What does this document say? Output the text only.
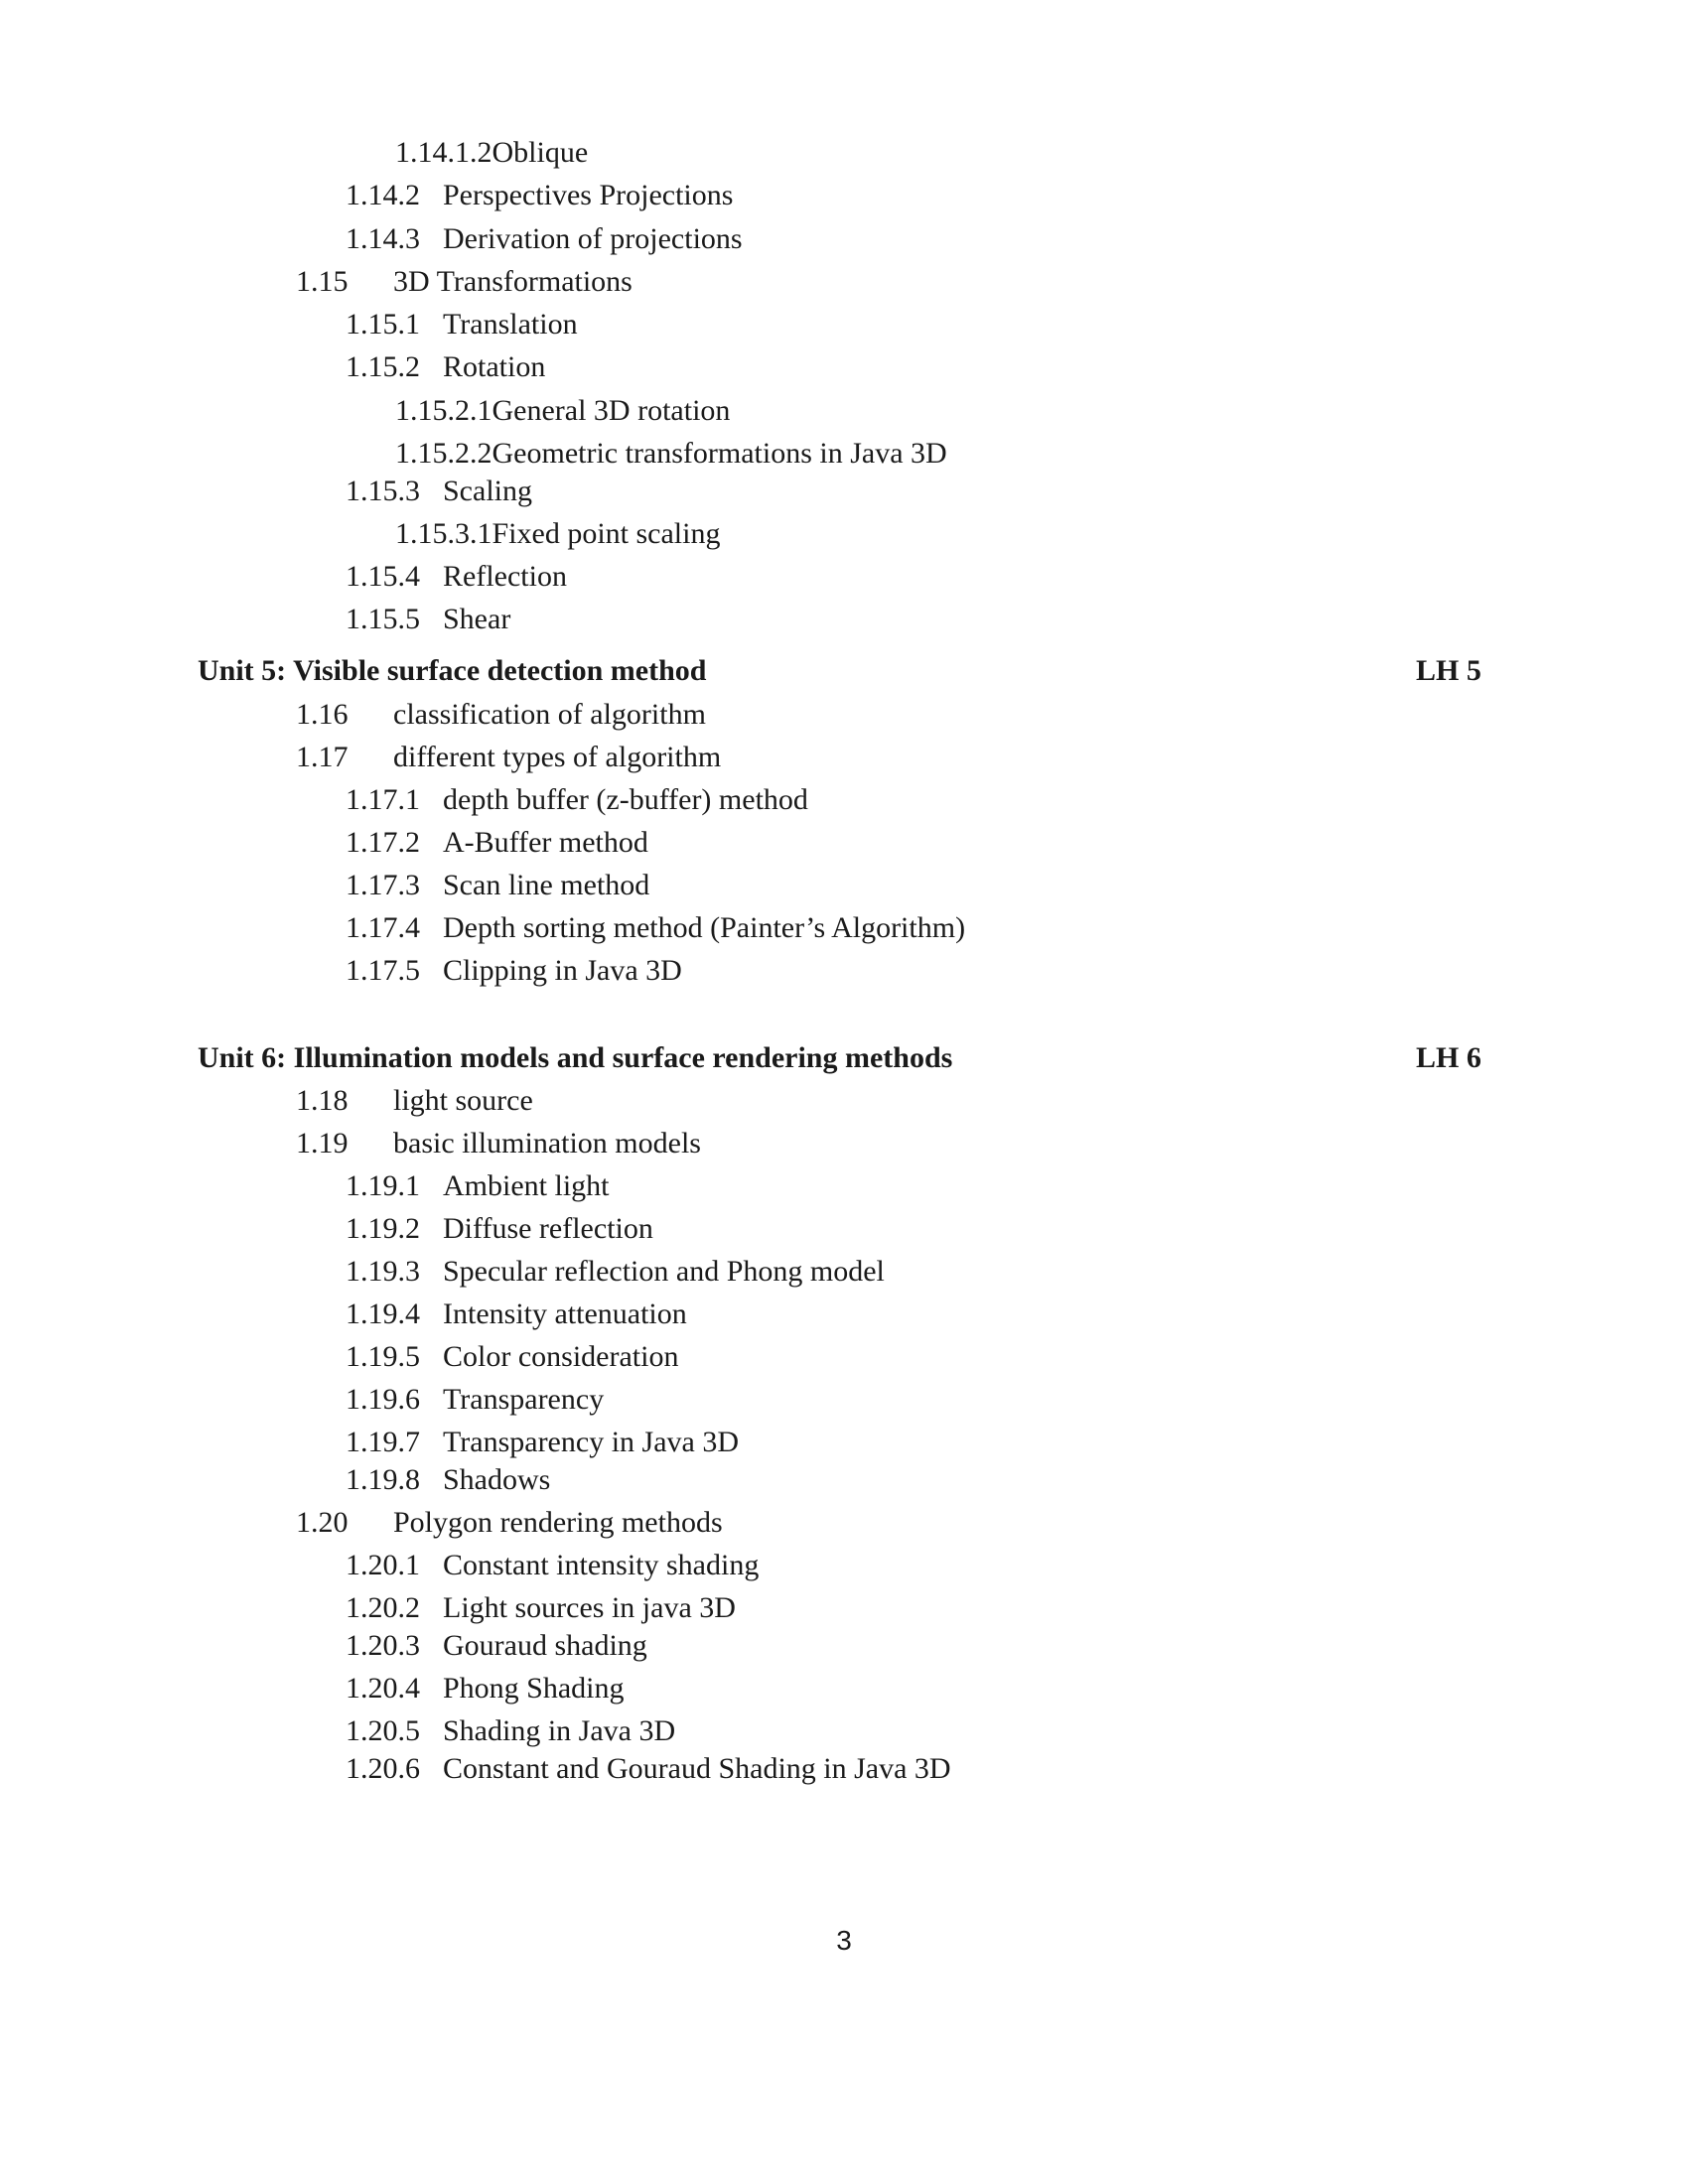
1.14.1.2Oblique
1.14.2 Perspectives Projections
1.14.3 Derivation of projections
1.15 3D Transformations
1.15.1 Translation
1.15.2 Rotation
1.15.2.1General 3D rotation
1.15.2.2Geometric transformations in Java 3D
1.15.3 Scaling
1.15.3.1Fixed point scaling
1.15.4 Reflection
1.15.5 Shear
Unit 5: Visible surface detection method	LH 5
1.16 classification of algorithm
1.17 different types of algorithm
1.17.1 depth buffer (z-buffer) method
1.17.2 A-Buffer method
1.17.3 Scan line method
1.17.4 Depth sorting method (Painter’s Algorithm)
1.17.5 Clipping in Java 3D
Unit 6: Illumination models and surface rendering methods	LH 6
1.18 light source
1.19 basic illumination models
1.19.1 Ambient light
1.19.2 Diffuse reflection
1.19.3 Specular reflection and Phong model
1.19.4 Intensity attenuation
1.19.5 Color consideration
1.19.6 Transparency
1.19.7 Transparency in Java 3D
1.19.8 Shadows
1.20 Polygon rendering methods
1.20.1 Constant intensity shading
1.20.2 Light sources in java 3D
1.20.3 Gouraud shading
1.20.4 Phong Shading
1.20.5 Shading in Java 3D
1.20.6 Constant and Gouraud Shading in Java 3D
3
